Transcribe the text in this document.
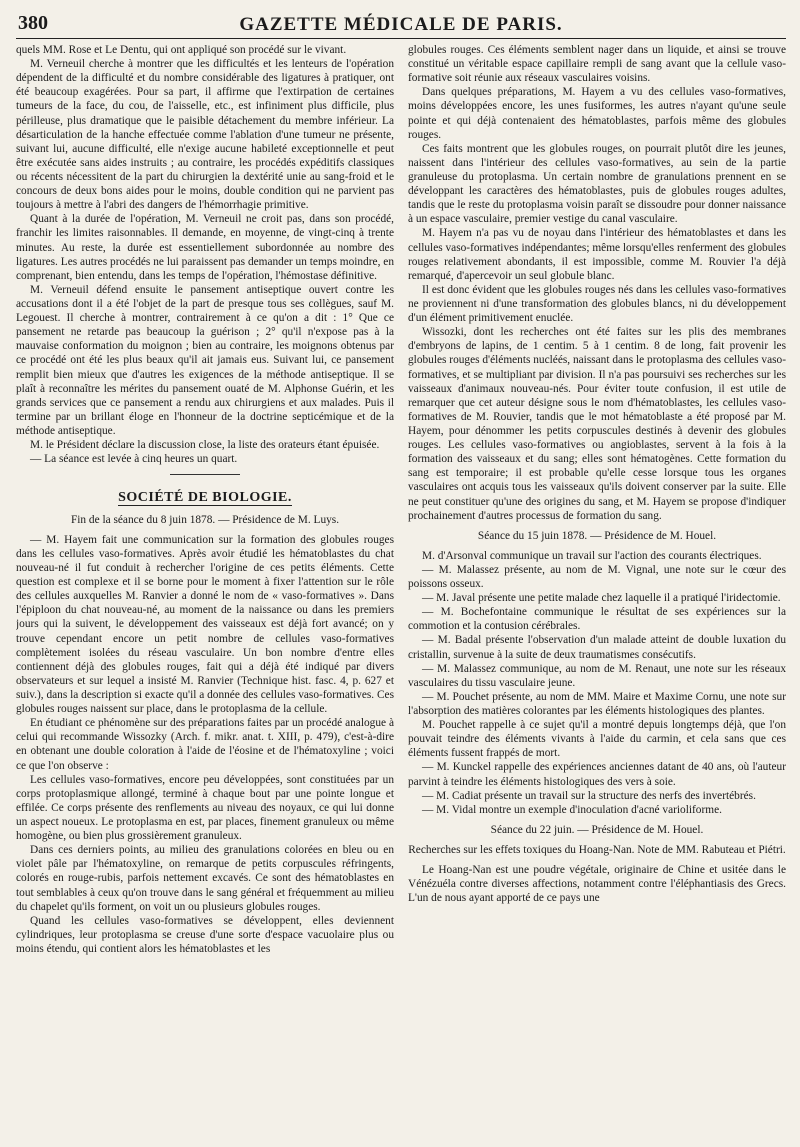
380	GAZETTE MÉDICALE DE PARIS.

quels MM. Rose et Le Dentu, qui ont appliqué son procédé sur le vivant.

M. Verneuil cherche à montrer que les difficultés et les lenteurs de l'opération dépendent de la difficulté et du nombre considérable des ligatures à pratiquer, ont été beaucoup exagérées. Pour sa part, il affirme que l'extirpation de certaines tumeurs de la face, du cou, de l'aisselle, etc., est infiniment plus difficile, plus périlleuse, plus dramatique que le paisible détachement du membre inférieur. La désarticulation de la hanche effectuée comme l'ablation d'une tumeur ne présente, suivant lui, aucune difficulté, elle n'exige aucune habileté exceptionnelle et peut être exécutée sans aides instruits ; au contraire, les procédés expéditifs classiques ou récents nécessitent de la part du chirurgien la dextérité unie au sang-froid et le concours de deux bons aides pour le moins, double condition qui ne parvient pas toujours à mettre à l'abri des dangers de l'hémorrhagie primitive.

Quant à la durée de l'opération, M. Verneuil ne croit pas, dans son procédé, franchir les limites raisonnables. Il demande, en moyenne, de vingt-cinq à trente minutes. Au reste, la durée est essentiellement subordonnée au nombre des ligatures. Les autres procédés ne lui paraissent pas demander un temps moindre, en comprenant, bien entendu, dans les temps de l'opération, l'hémostase définitive.

M. Verneuil défend ensuite le pansement antiseptique ouvert contre les accusations dont il a été l'objet de la part de presque tous ses collègues, sauf M. Legouest. Il cherche à montrer, contrairement à ce qu'on a dit : 1° Que ce pansement ne retarde pas beaucoup la guérison ; 2° qu'il n'expose pas à la mauvaise conformation du moignon ; bien au contraire, les moignons obtenus par ce procédé ont été les plus beaux qu'il ait jamais eus. Suivant lui, ce pansement remplit bien mieux que d'autres les exigences de la méthode antiseptique. Il se plaît à reconnaître les mérites du pansement ouaté de M. Alphonse Guérin, et les grands services que ce pansement a rendu aux chirurgiens et aux malades. Puis il termine par un brillant éloge en l'honneur de la doctrine septicémique et de la méthode antiseptique.

M. le Président déclare la discussion close, la liste des orateurs étant épuisée.

— La séance est levée à cinq heures un quart.

SOCIÉTÉ DE BIOLOGIE.

Fin de la séance du 8 juin 1878. — Présidence de M. Luys.

— M. Hayem fait une communication sur la formation des globules rouges dans les cellules vaso-formatives. Après avoir étudié les hématoblastes du chat nouveau-né il fut conduit à rechercher l'origine de ces petits éléments. Cette question est complexe et il se borne pour le moment à fixer l'attention sur le rôle des cellules auxquelles M. Ranvier a donné le nom de « vaso-formatives ». Dans l'épiploon du chat nouveau-né, au moment de la naissance ou dans les premiers jours qui la suivent, le développement des vaisseaux est déjà fort avancé; on y trouve cependant encore un petit nombre de cellules vaso-formatives complètement isolées du réseau vasculaire. Un bon nombre d'entre elles contiennent déjà des globules rouges, fait qui a déjà été indiqué par divers observateurs et sur lequel a insisté M. Ranvier (Technique hist. fasc. 4, p. 627 et suiv.), dans la description si exacte qu'il a donnée des cellules vaso-formatives. Ces globules rouges naissent sur place, dans le protoplasma de la cellule.

En étudiant ce phénomène sur des préparations faites par un procédé analogue à celui qui recommande Wissozky (Arch. f. mikr. anat. t. XIII, p. 479), c'est-à-dire en obtenant une double coloration à l'aide de l'éosine et de l'hématoxyline ; voici ce que l'on observe :

Les cellules vaso-formatives, encore peu développées, sont constituées par un corps protoplasmique allongé, terminé à chaque bout par une pointe longue et effilée. Ce corps présente des renflements au niveau des noyaux, ce qui lui donne un aspect noueux. Le protoplasma en est, par places, finement granuleux ou même homogène, ou bien plus grossièrement granuleux.

Dans ces derniers points, au milieu des granulations colorées en bleu ou en violet pâle par l'hématoxyline, on remarque de petits corpuscules réfringents, colorés en rouge-rubis, parfois nettement excavés. Ce sont des hématoblastes en tout semblables à ceux qu'on trouve dans le sang général et fréquemment au milieu du chapelet qu'ils forment, on voit un ou plusieurs globules rouges.

Quand les cellules vaso-formatives se développent, elles deviennent cylindriques, leur protoplasma se creuse d'une sorte d'espace vacuolaire plus ou moins étendu, qui contient alors les hématoblastes et les

globules rouges. Ces éléments semblent nager dans un liquide, et ainsi se trouve constitué un véritable espace capillaire rempli de sang avant que la cellule vaso-formative soit réunie aux réseaux vasculaires voisins.

Dans quelques préparations, M. Hayem a vu des cellules vaso-formatives, moins développées encore, les unes fusiformes, les autres n'ayant qu'une seule pointe et qui déjà contenaient des hématoblastes, parfois même des globules rouges.

Ces faits montrent que les globules rouges, on pourrait plutôt dire les jeunes, naissent dans l'intérieur des cellules vaso-formatives, au sein de la partie granuleuse du protoplasma. Un certain nombre de granulations prennent en se développant les caractères des hématoblastes, puis de globules rouges adultes, tandis que le reste du protoplasma voisin paraît se dissoudre pour donner naissance à un espace vasculaire, premier vestige du canal vasculaire.

M. Hayem n'a pas vu de noyau dans l'intérieur des hématoblastes et dans les cellules vaso-formatives indépendantes; même lorsqu'elles renferment des globules rouges relativement abondants, il est impossible, comme M. Rouvier l'a déjà remarqué, d'apercevoir un seul globule blanc.

Il est donc évident que les globules rouges nés dans les cellules vaso-formatives ne proviennent ni d'une transformation des globules blancs, ni du développement d'un élément primitivement enuclée.

Wissozki, dont les recherches ont été faites sur les plis des membranes d'embryons de lapins, de 1 centim. 5 à 1 centim. 8 de long, fait provenir les globules rouges d'éléments nucléés, naissant dans le protoplasma des cellules vaso-formatives, et se multipliant par division. Il n'a pas poursuivi ses recherches sur les vaisseaux d'animaux nouveau-nés. Pour éviter toute confusion, il est utile de remarquer que cet auteur désigne sous le nom d'hématoblastes, les cellules vaso-formatives de M. Rouvier, tandis que le mot hématoblaste a été proposé par M. Hayem, pour dénommer les petits corpuscules destinés à devenir des globules rouges. Les cellules vaso-formatives ou angioblastes, servent à la fois à la formation des vaisseaux et du sang; elles sont hématogènes. Cette formation du sang est temporaire; il est probable qu'elle cesse lorsque tous les organes vasculaires ont acquis tous les vaisseaux qu'ils doivent conserver par la suite. Elle ne peut constituer qu'une des origines du sang, et M. Hayem se propose d'indiquer prochainement d'autres processus de formation du sang.

Séance du 15 juin 1878. — Présidence de M. Houel.

M. d'Arsonval communique un travail sur l'action des courants électriques.

— M. Malassez présente, au nom de M. Vignal, une note sur le cœur des poissons osseux.

— M. Javal présente une petite malade chez laquelle il a pratiqué l'iridectomie.

— M. Bochefontaine communique le résultat de ses expériences sur la commotion et la contusion cérébrales.

— M. Badal présente l'observation d'un malade atteint de double luxation du cristallin, survenue à la suite de deux traumatismes consécutifs.

— M. Malassez communique, au nom de M. Renaut, une note sur les réseaux vasculaires du tissu vasculaire jeune.

— M. Pouchet présente, au nom de MM. Maire et Maxime Cornu, une note sur l'absorption des matières colorantes par les éléments histologiques des plantes.

M. Pouchet rappelle à ce sujet qu'il a montré depuis longtemps déjà, que l'on pouvait teindre des éléments vivants à l'aide du carmin, et cela sans que ces éléments fussent frappés de mort.

— M. Kunckel rappelle des expériences anciennes datant de 40 ans, où l'auteur parvint à teindre les éléments histologiques des vers à soie.

— M. Cadiat présente un travail sur la structure des nerfs des invertébrés.

— M. Vidal montre un exemple d'inoculation d'acné varioliforme.

Séance du 22 juin. — Présidence de M. Houel.

Recherches sur les effets toxiques du Hoang-Nan. Note de MM. Rabuteau et Piétri.

Le Hoang-Nan est une poudre végétale, originaire de Chine et usitée dans le Vénézuéla contre diverses affections, notamment contre l'éléphantiasis des Grecs. L'un de nous ayant apporté de ce pays une
